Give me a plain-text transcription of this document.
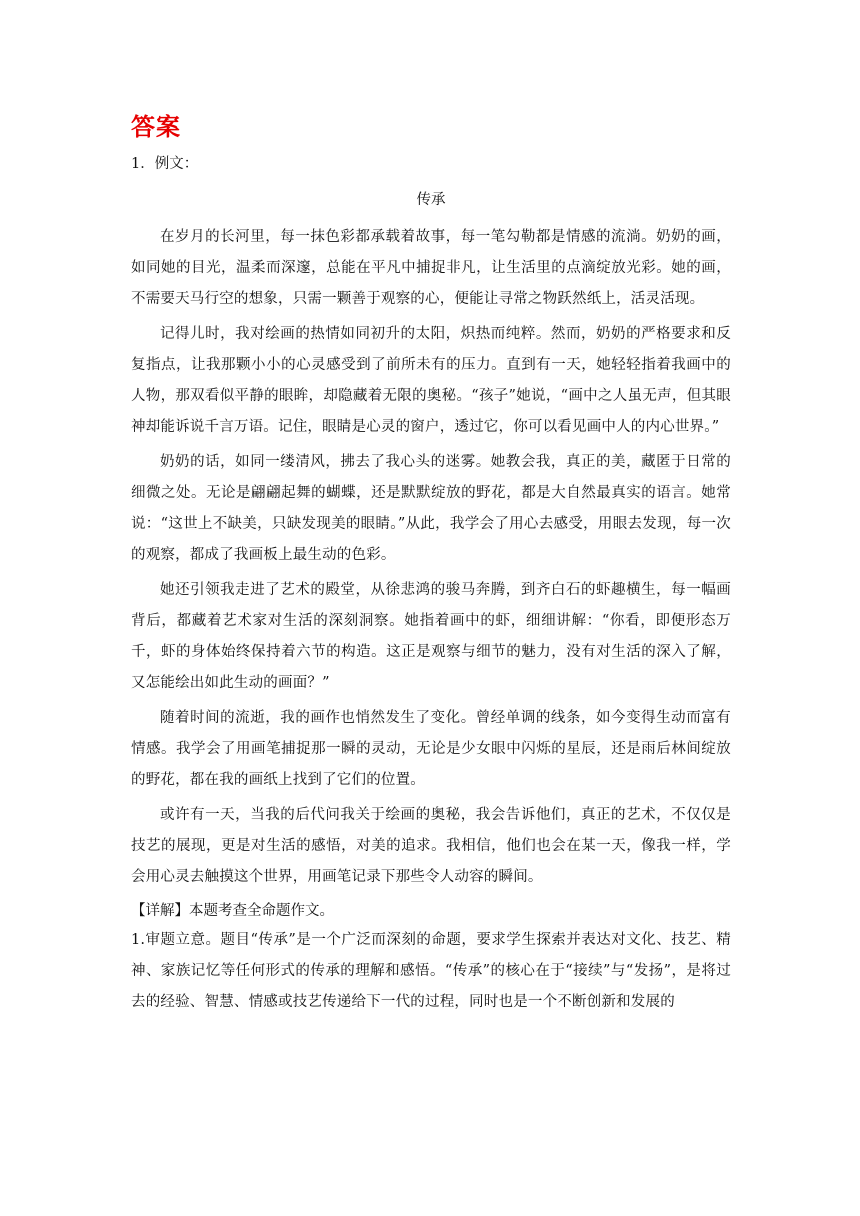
答案

1．例文：

传承

在岁月的长河里，每一抹色彩都承载着故事，每一笔勾勒都是情感的流淌。奶奶的画，如同她的目光，温柔而深邃，总能在平凡中捕捉非凡，让生活里的点滴绽放光彩。她的画，不需要天马行空的想象，只需一颗善于观察的心，便能让寻常之物跃然纸上，活灵活现。

记得儿时，我对绘画的热情如同初升的太阳，炽热而纯粹。然而，奶奶的严格要求和反复指点，让我那颗小小的心灵感受到了前所未有的压力。直到有一天，她轻轻指着我画中的人物，那双看似平静的眼眸，却隐藏着无限的奥秘。“孩子”她说，“画中之人虽无声，但其眼神却能诉说千言万语。记住，眼睛是心灵的窗户，透过它，你可以看见画中人的内心世界。”

奶奶的话，如同一缕清风，拂去了我心头的迷雾。她教会我，真正的美，藏匿于日常的细微之处。无论是翩翩起舞的蝴蝶，还是默默绽放的野花，都是大自然最真实的语言。她常说：“这世上不缺美，只缺发现美的眼睛。”从此，我学会了用心去感受，用眼去发现，每一次的观察，都成了我画板上最生动的色彩。

她还引领我走进了艺术的殿堂，从徐悲鸿的骏马奔腾，到齐白石的虾趣横生，每一幅画背后，都藏着艺术家对生活的深刻洞察。她指着画中的虾，细细讲解：“你看，即便形态万千，虾的身体始终保持着六节的构造。这正是观察与细节的魅力，没有对生活的深入了解，又怎能绘出如此生动的画面？”

随着时间的流逝，我的画作也悄然发生了变化。曾经单调的线条，如今变得生动而富有情感。我学会了用画笔捕捉那一瞬的灵动，无论是少女眼中闪烁的星辰，还是雨后林间绽放的野花，都在我的画纸上找到了它们的位置。

或许有一天，当我的后代问我关于绘画的奥秘，我会告诉他们，真正的艺术，不仅仅是技艺的展现，更是对生活的感悟，对美的追求。我相信，他们也会在某一天，像我一样，学会用心灵去触摸这个世界，用画笔记录下那些令人动容的瞬间。

【详解】本题考查全命题作文。

1.审题立意。题目“传承”是一个广泛而深刻的命题，要求学生探索并表达对文化、技艺、精神、家族记忆等任何形式的传承的理解和感悟。“传承”的核心在于“接续”与“发扬”，是将过去的经验、智慧、情感或技艺传递给下一代的过程，同时也是一个不断创新和发展的
